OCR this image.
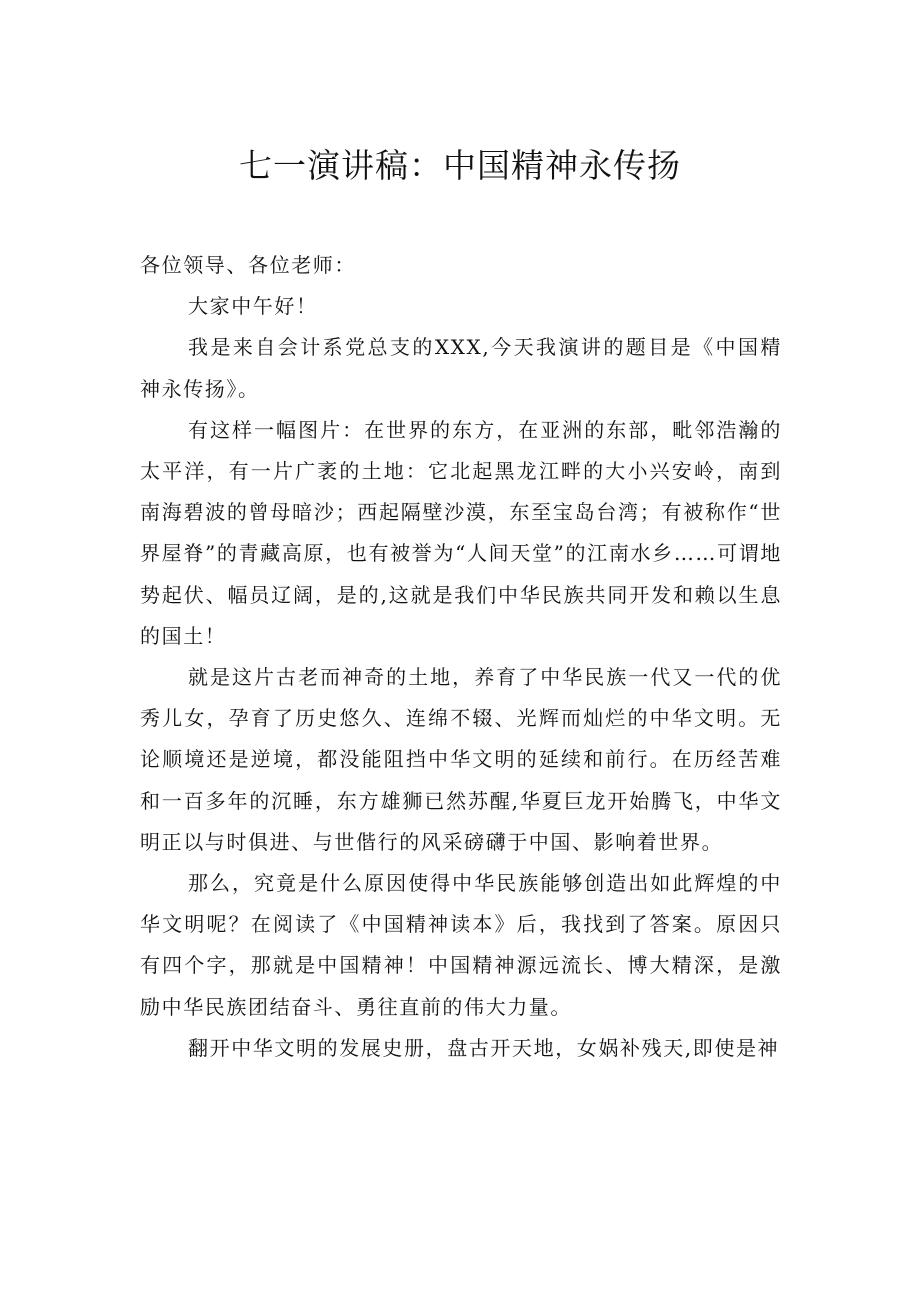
七一演讲稿：中国精神永传扬

各位领导、各位老师：

大家中午好！

我是来自会计系党总支的XXX,今天我演讲的题目是《中国精神永传扬》。

有这样一幅图片：在世界的东方，在亚洲的东部，毗邻浩瀚的太平洋，有一片广袤的土地：它北起黑龙江畔的大小兴安岭，南到南海碧波的曾母暗沙；西起隔壁沙漠，东至宝岛台湾；有被称作“世界屋脊”的青藏高原，也有被誉为“人间天堂”的江南水乡……可谓地势起伏、幅员辽阔，是的,这就是我们中华民族共同开发和赖以生息的国土！

就是这片古老而神奇的土地，养育了中华民族一代又一代的优秀儿女，孕育了历史悠久、连绵不辍、光辉而灿烂的中华文明。无论顺境还是逆境，都没能阻挡中华文明的延续和前行。在历经苦难和一百多年的沉睡，东方雄狮已然苏醒,华夏巨龙开始腾飞，中华文明正以与时俱进、与世偕行的风采磅礴于中国、影响着世界。

那么，究竟是什么原因使得中华民族能够创造出如此辉煌的中华文明呢？在阅读了《中国精神读本》后，我找到了答案。原因只有四个字，那就是中国精神！中国精神源远流长、博大精深，是激励中华民族团结奋斗、勇往直前的伟大力量。

翻开中华文明的发展史册，盘古开天地，女娲补残天,即使是神
